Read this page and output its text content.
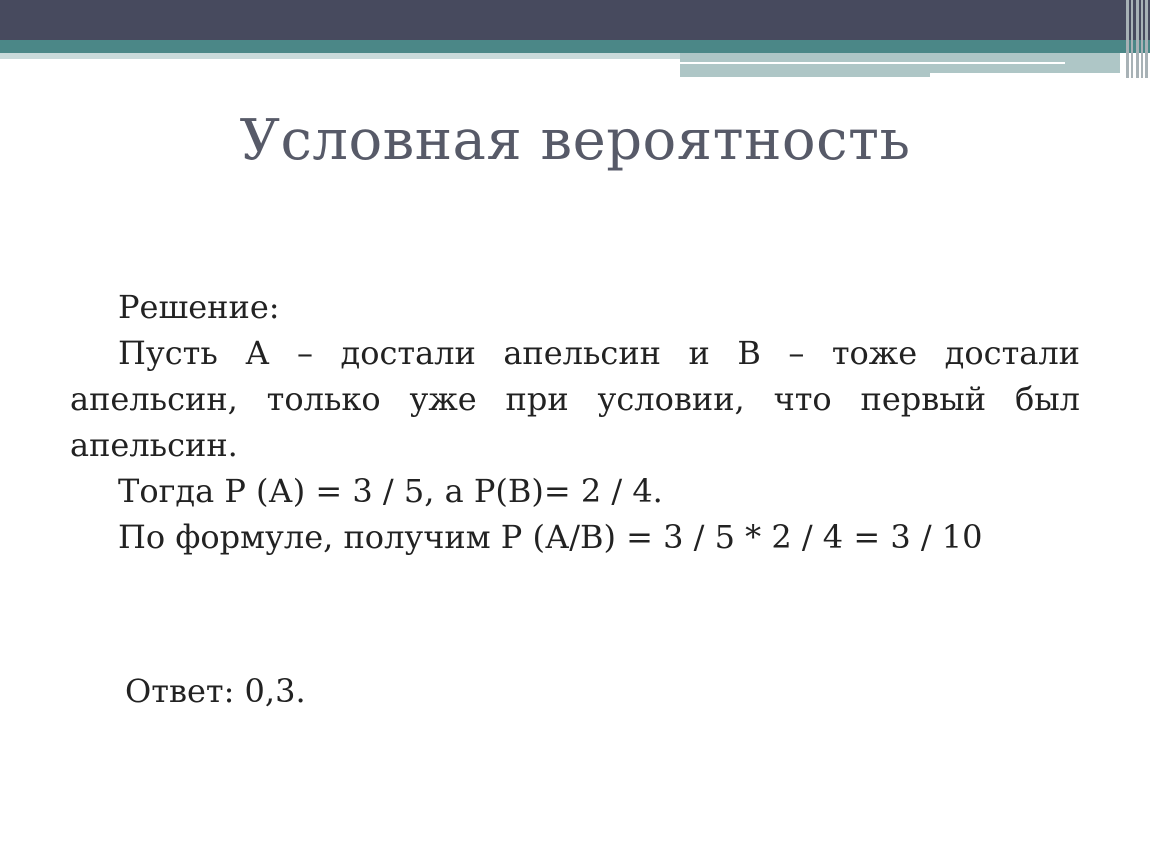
Условная вероятность

Решение:

Пусть А – достали апельсин и В – тоже достали апельсин, только уже при условии, что первый был апельсин.

Тогда Р (А) = 3 / 5, а Р(В)= 2 / 4.

По формуле, получим Р (А/В) = 3 / 5 * 2 / 4 = 3 / 10

Ответ: 0,3.
